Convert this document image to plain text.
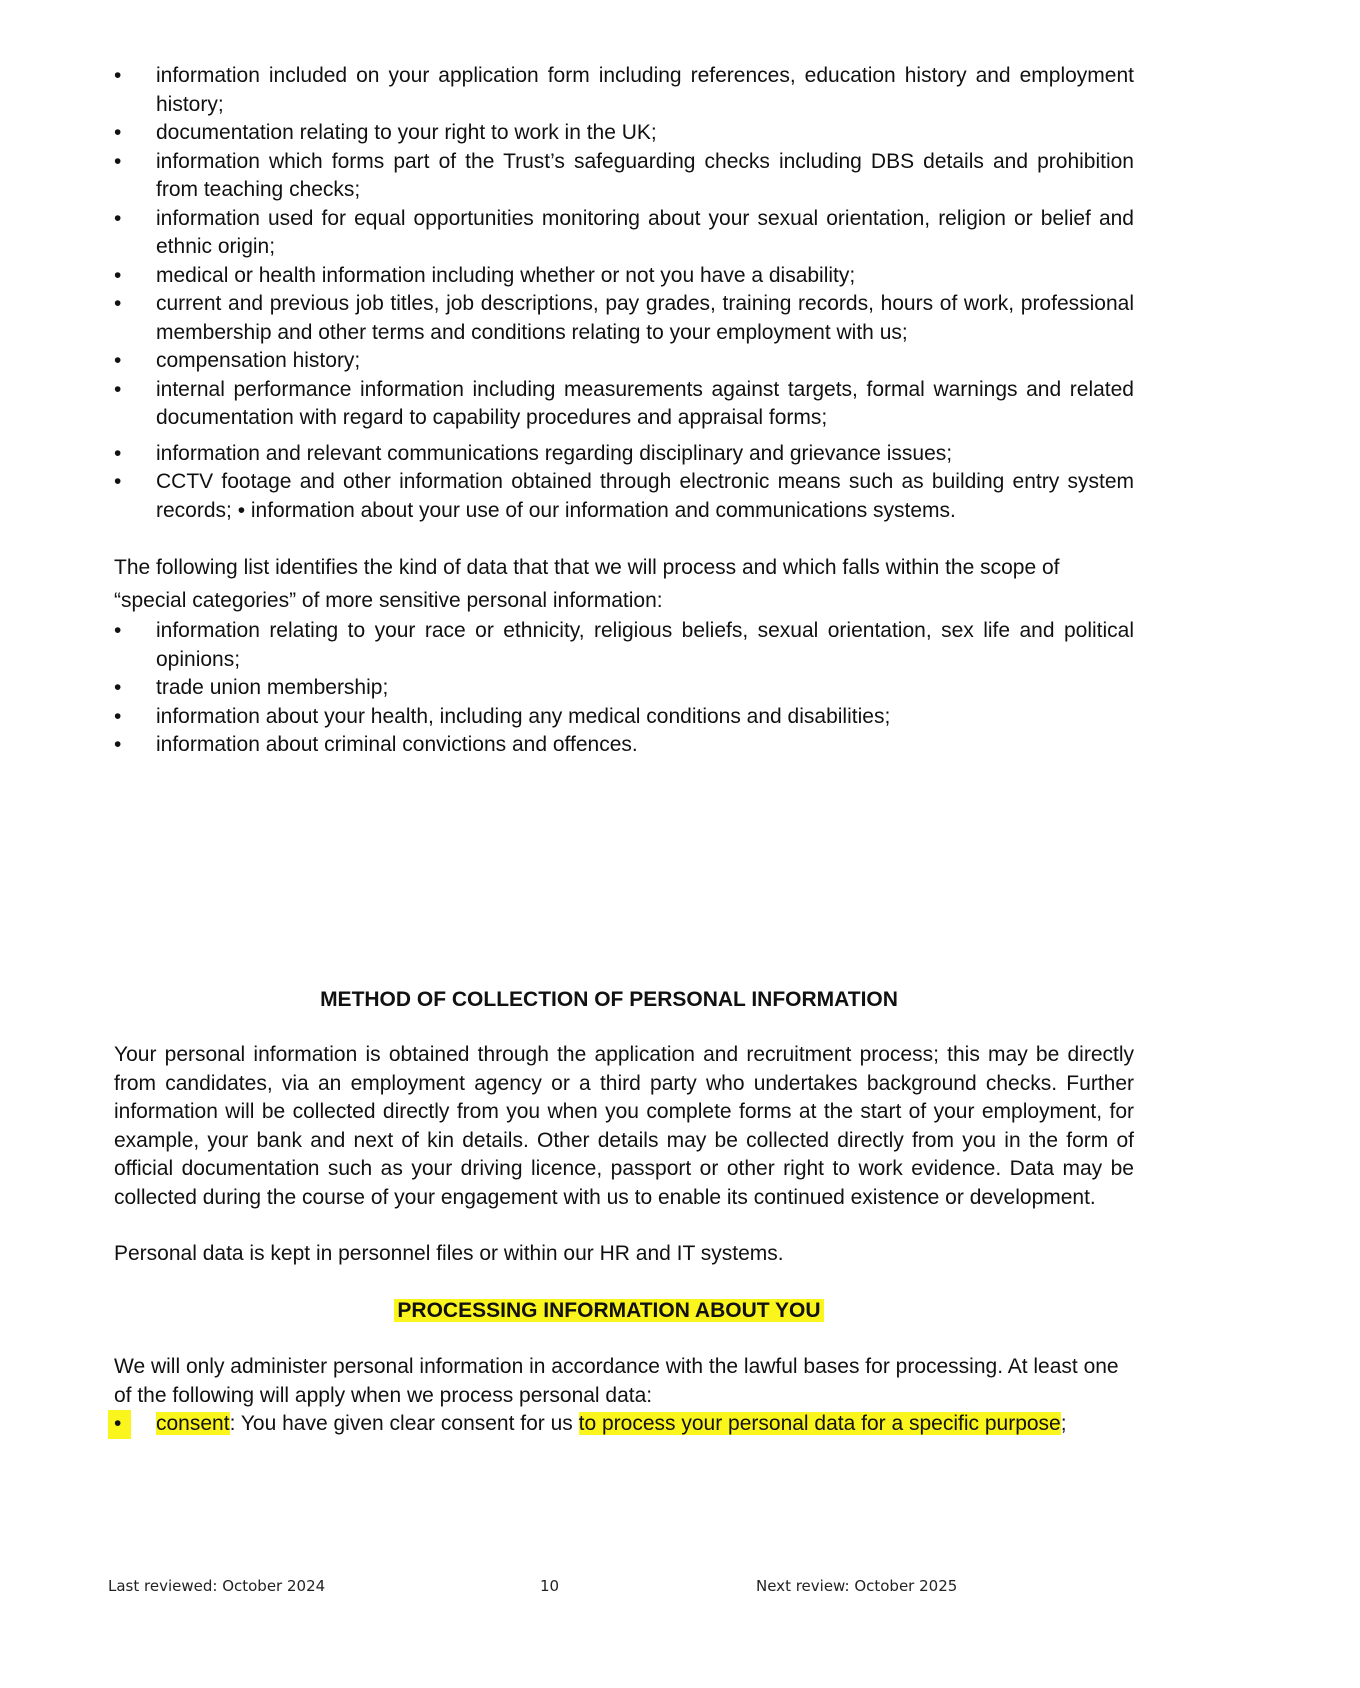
• information included on your application form including references, education history and employment history;
• documentation relating to your right to work in the UK;
• information which forms part of the Trust’s safeguarding checks including DBS details and prohibition from teaching checks;
• information used for equal opportunities monitoring about your sexual orientation, religion or belief and ethnic origin;
• medical or health information including whether or not you have a disability;
• current and previous job titles, job descriptions, pay grades, training records, hours of work, professional membership and other terms and conditions relating to your employment with us;
• compensation history;
• internal performance information including measurements against targets, formal warnings and related documentation with regard to capability procedures and appraisal forms;
• information and relevant communications regarding disciplinary and grievance issues;
• CCTV footage and other information obtained through electronic means such as building entry system records; • information about your use of our information and communications systems.

The following list identifies the kind of data that that we will process and which falls within the scope of “special categories” of more sensitive personal information:

• information relating to your race or ethnicity, religious beliefs, sexual orientation, sex life and political opinions;
• trade union membership;
• information about your health, including any medical conditions and disabilities;
• information about criminal convictions and offences.
METHOD OF COLLECTION OF PERSONAL INFORMATION

Your personal information is obtained through the application and recruitment process; this may be directly from candidates, via an employment agency or a third party who undertakes background checks. Further information will be collected directly from you when you complete forms at the start of your employment, for example, your bank and next of kin details. Other details may be collected directly from you in the form of official documentation such as your driving licence, passport or other right to work evidence. Data may be collected during the course of your engagement with us to enable its continued existence or development.

Personal data is kept in personnel files or within our HR and IT systems.

PROCESSING INFORMATION ABOUT YOU

We will only administer personal information in accordance with the lawful bases for processing. At least one of the following will apply when we process personal data:

•	consent: You have given clear consent for us to process your personal data for a specific purpose;
Last reviewed: October 2024	10	Next review: October 2025
